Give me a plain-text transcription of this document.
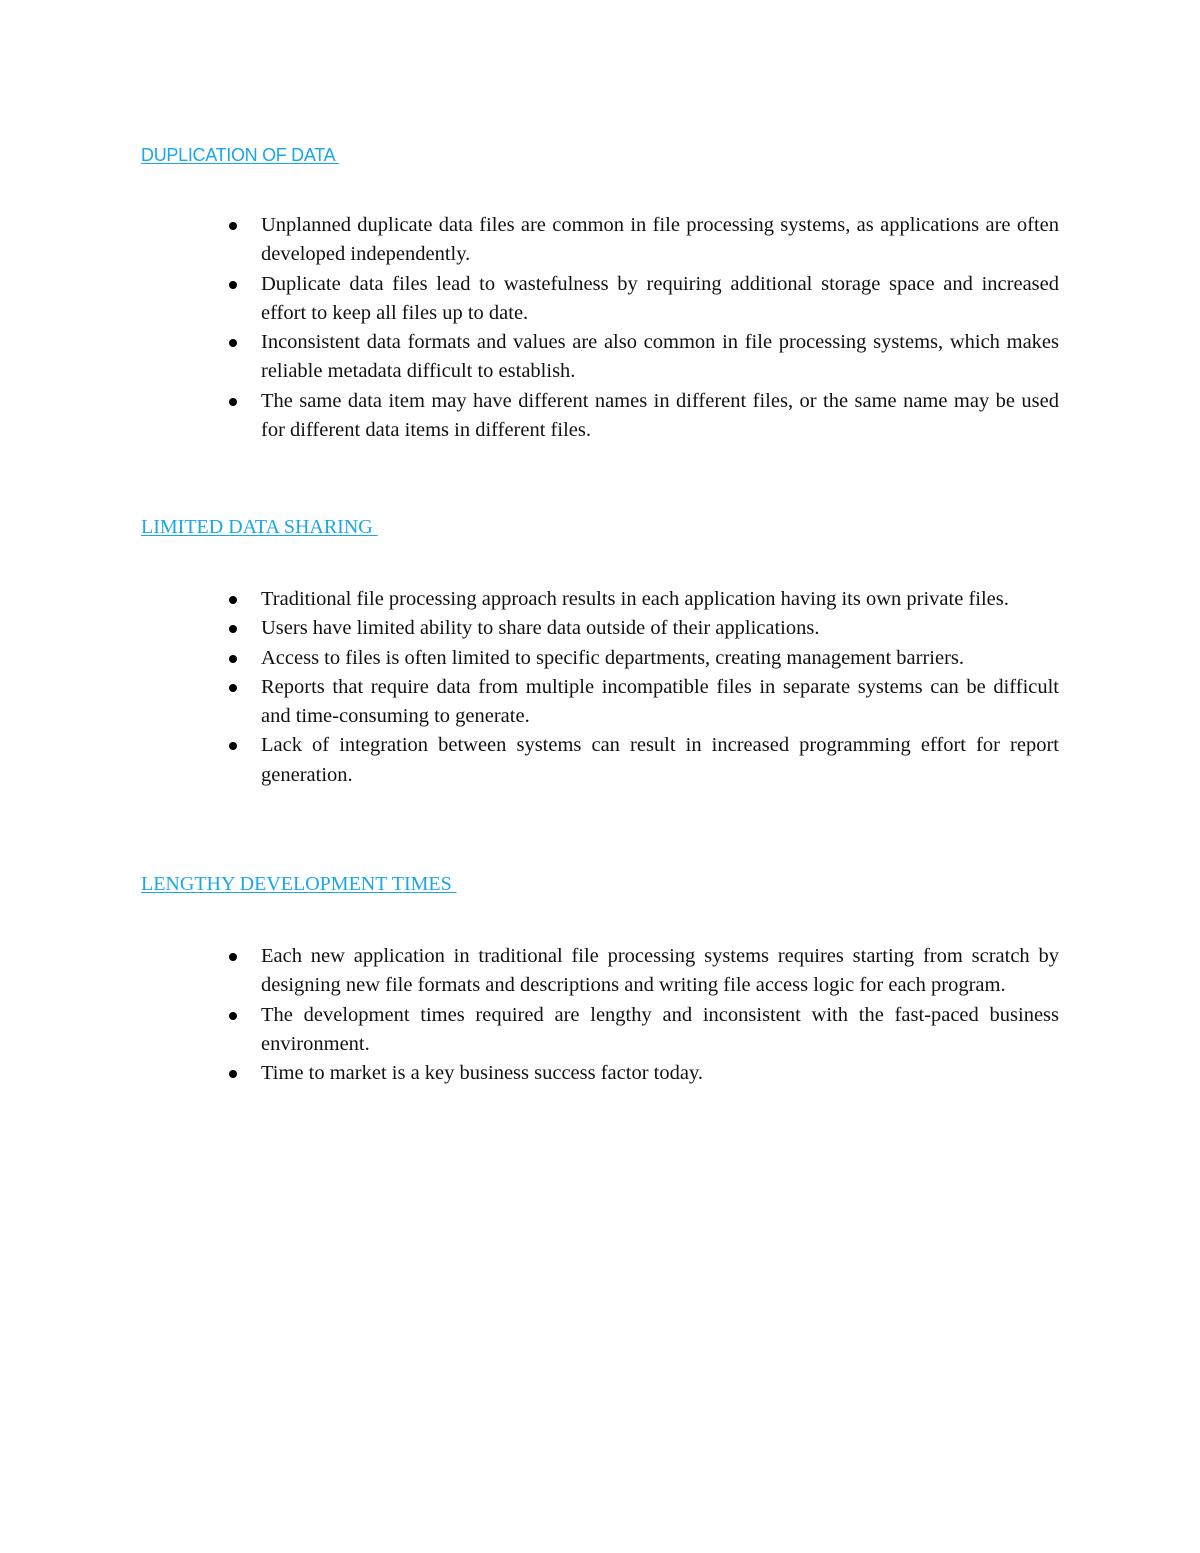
DUPLICATION OF DATA
Unplanned duplicate data files are common in file processing systems, as applications are often developed independently.
Duplicate data files lead to wastefulness by requiring additional storage space and increased effort to keep all files up to date.
Inconsistent data formats and values are also common in file processing systems, which makes reliable metadata difficult to establish.
The same data item may have different names in different files, or the same name may be used for different data items in different files.
LIMITED DATA SHARING
Traditional file processing approach results in each application having its own private files.
Users have limited ability to share data outside of their applications.
Access to files is often limited to specific departments, creating management barriers.
Reports that require data from multiple incompatible files in separate systems can be difficult and time-consuming to generate.
Lack of integration between systems can result in increased programming effort for report generation.
LENGTHY DEVELOPMENT TIMES
Each new application in traditional file processing systems requires starting from scratch by designing new file formats and descriptions and writing file access logic for each program.
The development times required are lengthy and inconsistent with the fast-paced business environment.
Time to market is a key business success factor today.
